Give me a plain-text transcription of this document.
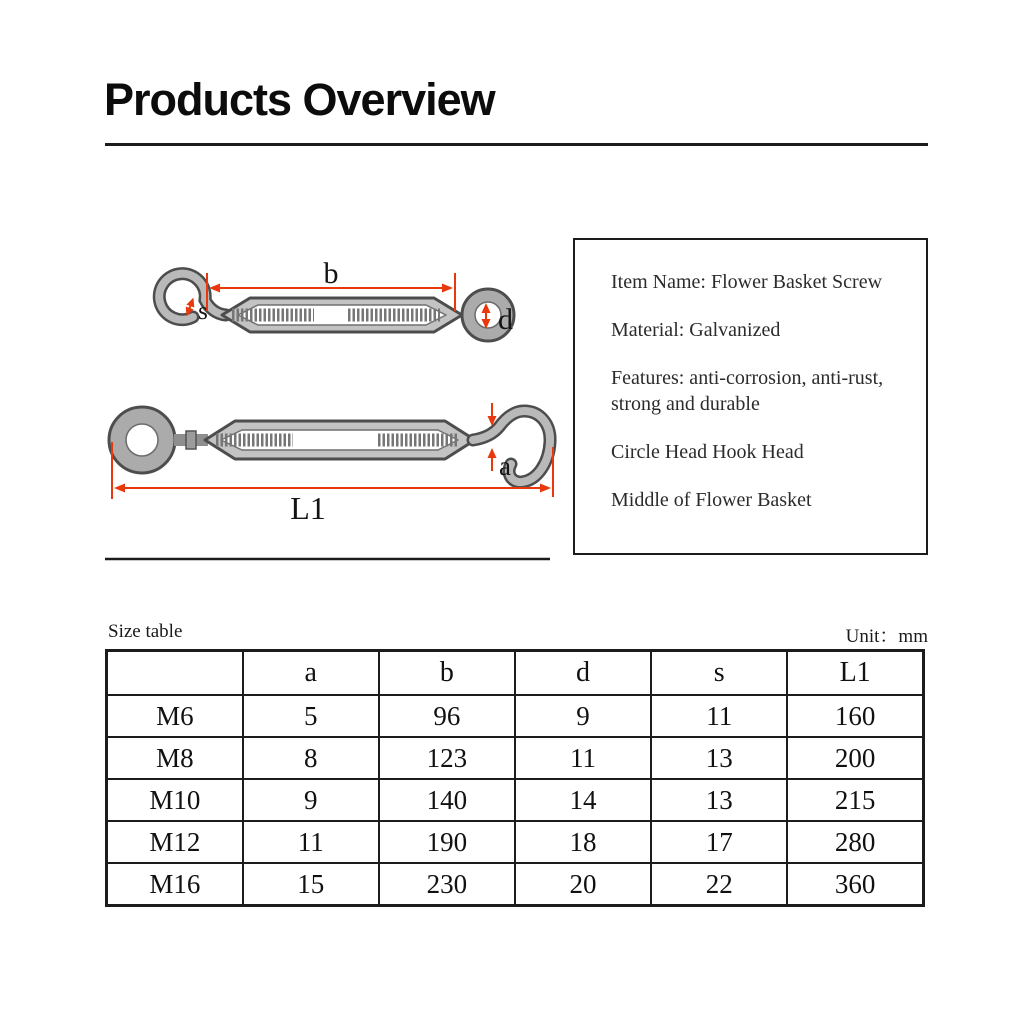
Products Overview
b
s	d
a
L1

Item Name: Flower Basket Screw

Material: Galvanized

Features: anti-corrosion, anti-rust, strong and durable

Circle Head Hook Head

Middle of Flower Basket

Size table	Unit：mm
	a	b	d	s	L1
M6	5	96	9	11	160
M8	8	123	11	13	200
M10	9	140	14	13	215
M12	11	190	18	17	280
M16	15	230	20	22	360
